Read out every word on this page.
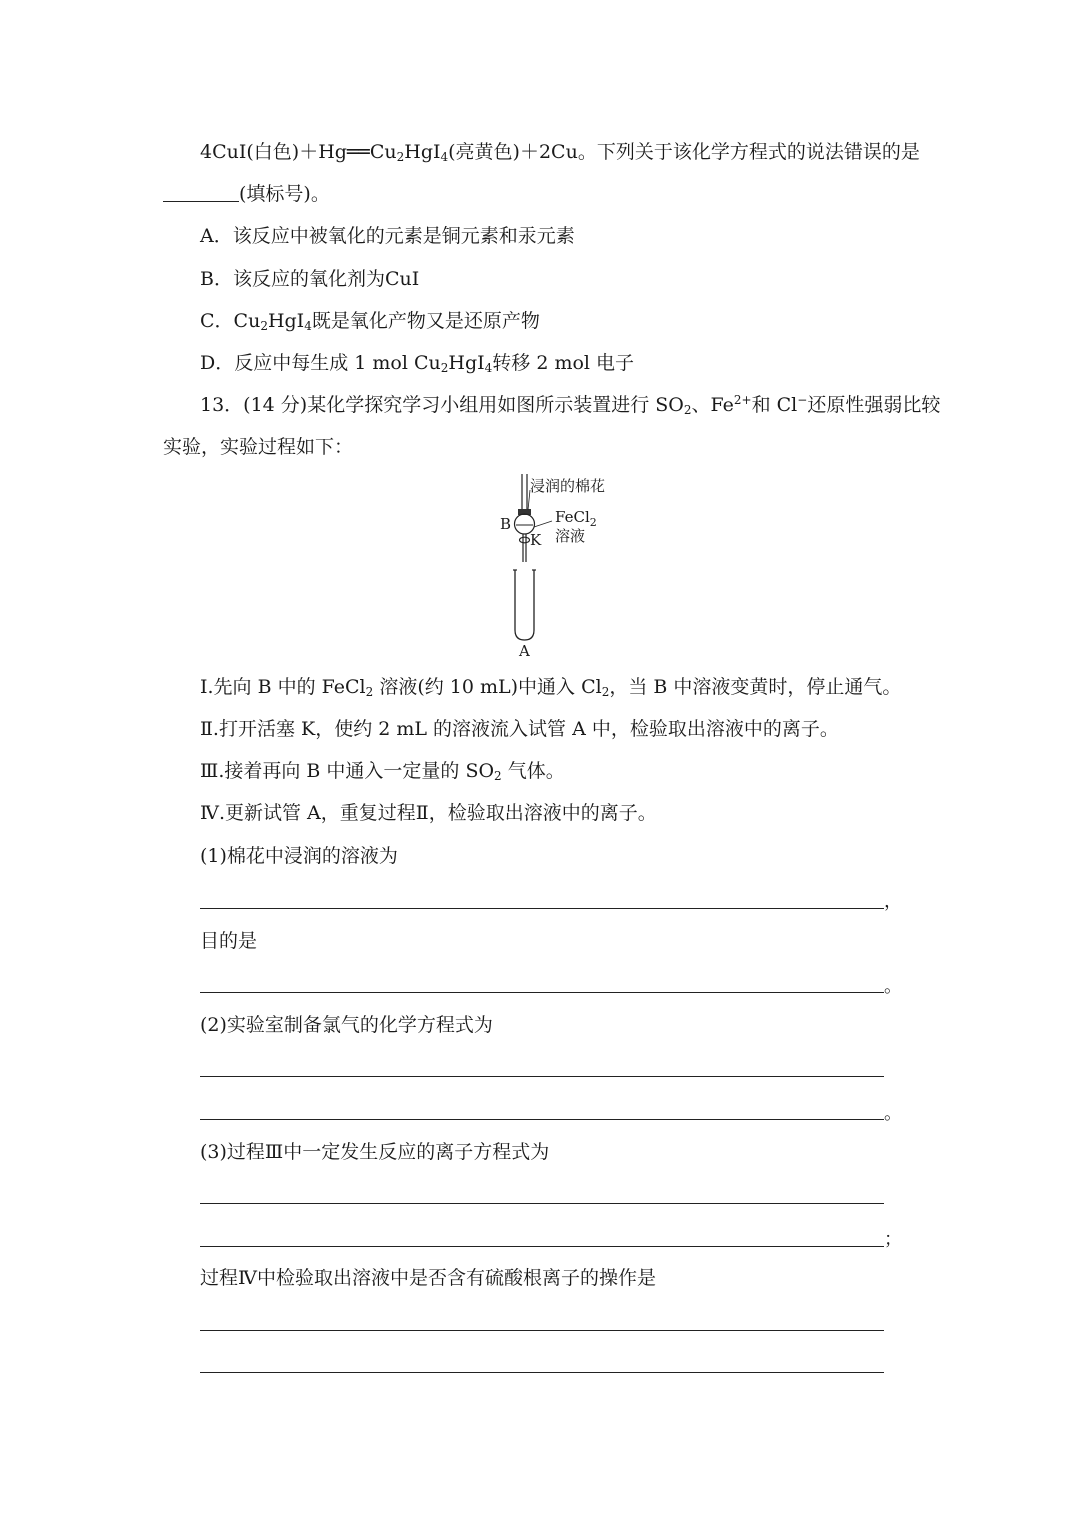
4CuI(白色)$+Hg══Cu_2HgI_4$(亮黄色)＋2Cu。下列关于该化学方程式的说法错误的是
(填标号)。
A．该反应中被氧化的元素是铜元素和汞元素
B．该反应的氧化剂为CuI
C．$Cu_2HgI_4$既是氧化产物又是还原产物
D．反应中每生成 1 mol $Cu_2HgI_4$转移 2 mol 电子
13．(14 分)某化学探究学习小组用如图所示装置进行 $SO_2$、$Fe^{2+}$和 Cl−还原性强弱比较
实验，实验过程如下：
浸润的棉花
B	FeCl$_2$
溶液
K
A
Ⅰ.先向 B 中的 FeCl$_2$ 溶液(约 10 mL)中通入 $Cl_2$，当 B 中溶液变黄时，停止通气。
Ⅱ.打开活塞 K，使约 2 mL 的溶液流入试管 A 中，检验取出溶液中的离子。
Ⅲ.接着再向 B 中通入一定量的 $SO_2$ 气体。
Ⅳ.更新试管 A，重复过程Ⅱ，检验取出溶液中的离子。
(1)棉花中浸润的溶液为
，
目的是
。
(2)实验室制备氯气的化学方程式为
。
(3)过程Ⅲ中一定发生反应的离子方程式为
；
过程Ⅳ中检验取出溶液中是否含有硫酸根离子的操作是
